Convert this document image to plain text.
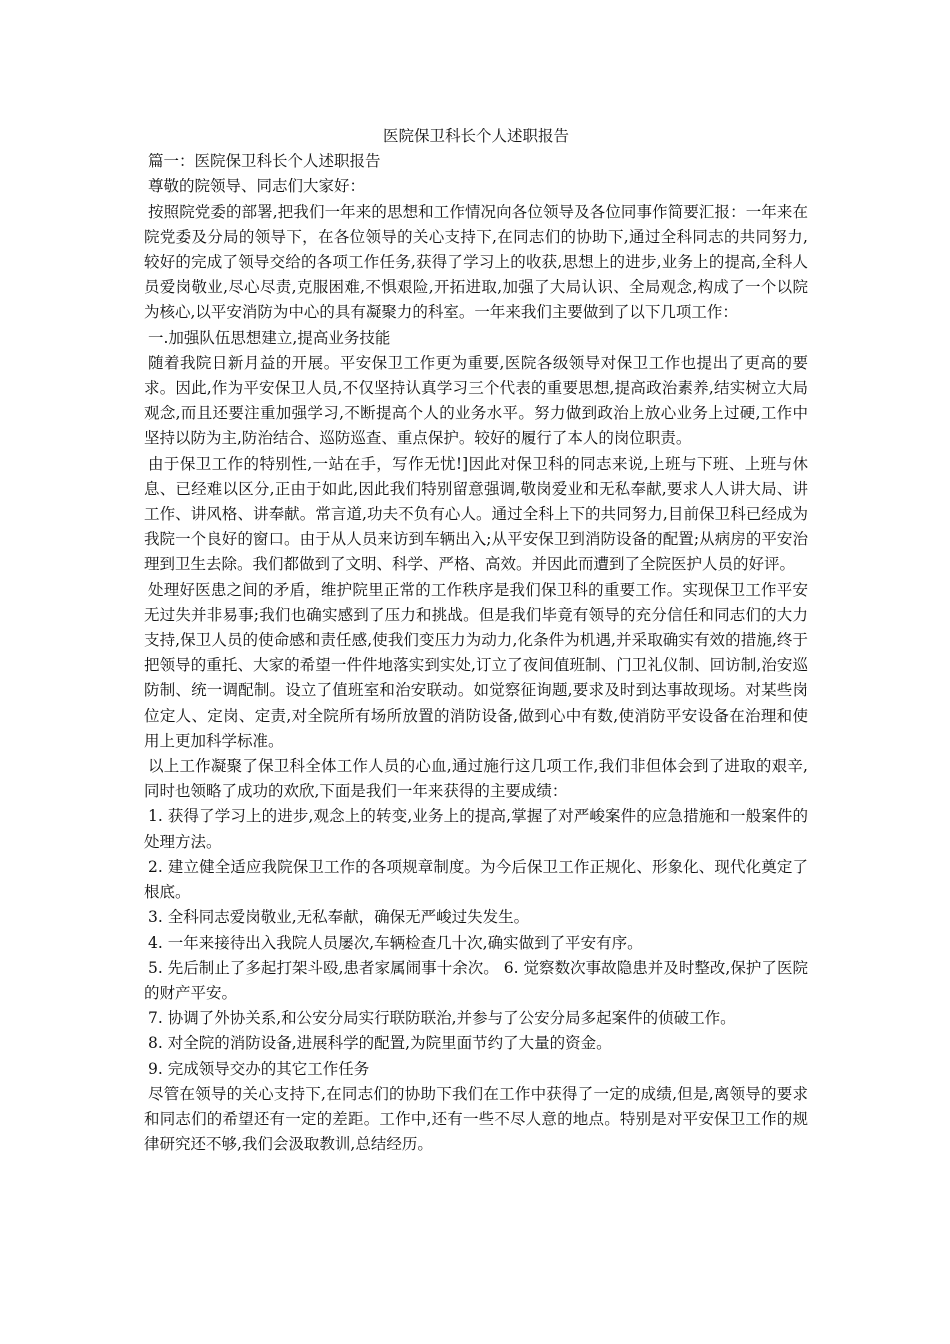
医院保卫科长个人述职报告

篇一：医院保卫科长个人述职报告

尊敬的院领导、同志们大家好：

按照院党委的部署,把我们一年来的思想和工作情况向各位领导及各位同事作简要汇报：一年来在院党委及分局的领导下，在各位领导的关心支持下,在同志们的协助下,通过全科同志的共同努力,较好的完成了领导交给的各项工作任务,获得了学习上的收获,思想上的进步,业务上的提高,全科人员爱岗敬业,尽心尽责,克服困难,不惧艰险,开拓进取,加强了大局认识、全局观念,构成了一个以院为核心,以平安消防为中心的具有凝聚力的科室。一年来我们主要做到了以下几项工作：

一.加强队伍思想建立,提高业务技能

随着我院日新月益的开展。平安保卫工作更为重要,医院各级领导对保卫工作也提出了更高的要求。因此,作为平安保卫人员,不仅坚持认真学习三个代表的重要思想,提高政治素养,结实树立大局观念,而且还要注重加强学习,不断提高个人的业务水平。努力做到政治上放心业务上过硬,工作中坚持以防为主,防治结合、巡防巡查、重点保护。较好的履行了本人的岗位职责。

由于保卫工作的特别性,一站在手，写作无忧!]因此对保卫科的同志来说,上班与下班、上班与休息、已经难以区分,正由于如此,因此我们特别留意强调,敬岗爱业和无私奉献,要求人人讲大局、讲工作、讲风格、讲奉献。常言道,功夫不负有心人。通过全科上下的共同努力,目前保卫科已经成为我院一个良好的窗口。由于从人员来访到车辆出入;从平安保卫到消防设备的配置;从病房的平安治理到卫生去除。我们都做到了文明、科学、严格、高效。并因此而遭到了全院医护人员的好评。

处理好医患之间的矛盾，维护院里正常的工作秩序是我们保卫科的重要工作。实现保卫工作平安无过失并非易事;我们也确实感到了压力和挑战。但是我们毕竟有领导的充分信任和同志们的大力支持,保卫人员的使命感和责任感,使我们变压力为动力,化条件为机遇,并采取确实有效的措施,终于把领导的重托、大家的希望一件件地落实到实处,订立了夜间值班制、门卫礼仪制、回访制,治安巡防制、统一调配制。设立了值班室和治安联动。如觉察征询题,要求及时到达事故现场。对某些岗位定人、定岗、定责,对全院所有场所放置的消防设备,做到心中有数,使消防平安设备在治理和使用上更加科学标准。

以上工作凝聚了保卫科全体工作人员的心血,通过施行这几项工作,我们非但体会到了进取的艰辛,同时也领略了成功的欢欣,下面是我们一年来获得的主要成绩：

1. 获得了学习上的进步,观念上的转变,业务上的提高,掌握了对严峻案件的应急措施和一般案件的处理方法。

2. 建立健全适应我院保卫工作的各项规章制度。为今后保卫工作正规化、形象化、现代化奠定了根底。

3. 全科同志爱岗敬业,无私奉献，确保无严峻过失发生。

4. 一年来接待出入我院人员屡次,车辆检查几十次,确实做到了平安有序。

5. 先后制止了多起打架斗殴,患者家属闹事十余次。 6. 觉察数次事故隐患并及时整改,保护了医院的财产平安。

7. 协调了外协关系,和公安分局实行联防联治,并参与了公安分局多起案件的侦破工作。

8. 对全院的消防设备,进展科学的配置,为院里面节约了大量的资金。

9. 完成领导交办的其它工作任务

尽管在领导的关心支持下,在同志们的协助下我们在工作中获得了一定的成绩,但是,离领导的要求和同志们的希望还有一定的差距。工作中,还有一些不尽人意的地点。特别是对平安保卫工作的规律研究还不够,我们会汲取教训,总结经历。
